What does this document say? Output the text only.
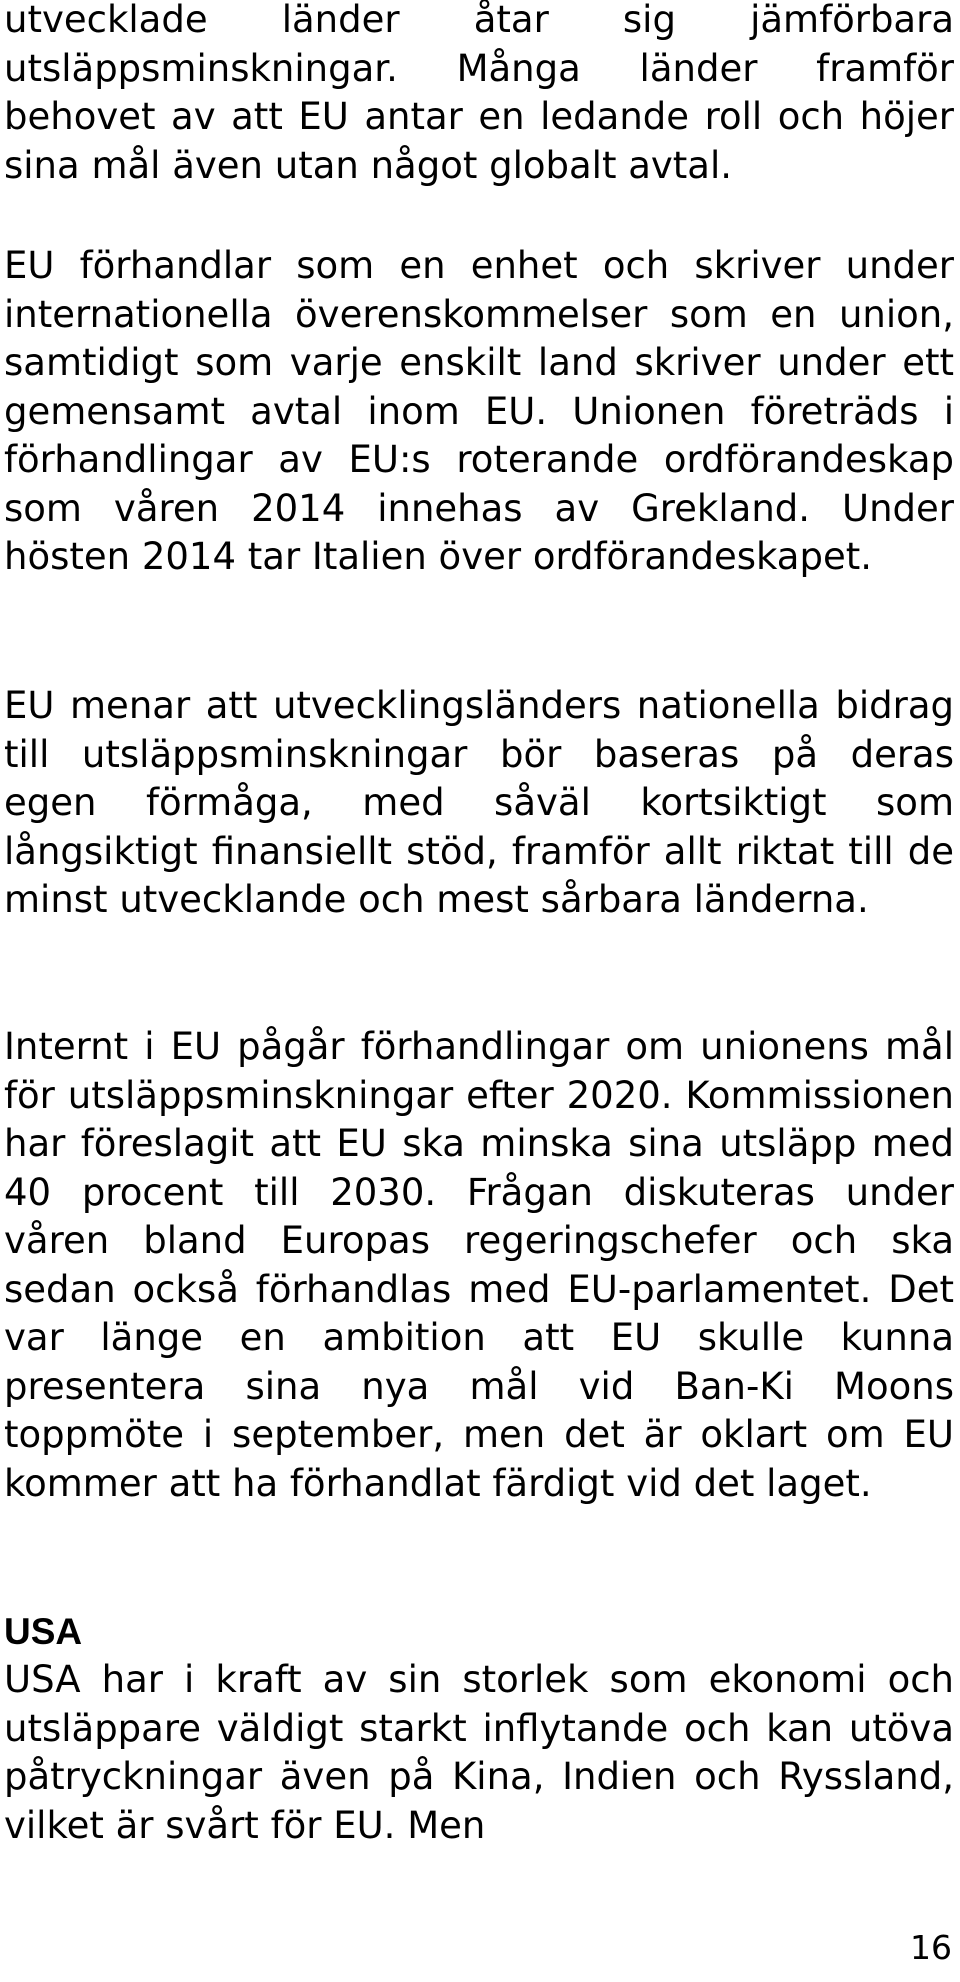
utvecklade länder åtar sig jämförbara utsläppsminskningar. Många länder framför behovet av att EU antar en ledande roll och höjer sina mål även utan något globalt avtal.

EU förhandlar som en enhet och skriver under internationella överenskommelser som en union, samtidigt som varje enskilt land skriver under ett gemensamt avtal inom EU. Unionen företräds i förhandlingar av EU:s roterande ordförandeskap som våren 2014 innehas av Grekland. Under hösten 2014 tar Italien över ordförandeskapet.

EU menar att utvecklingsländers nationella bidrag till utsläppsminskningar bör baseras på deras egen förmåga, med såväl kortsiktigt som långsiktigt finansiellt stöd, framför allt riktat till de minst utvecklande och mest sårbara länderna.

Internt i EU pågår förhandlingar om unionens mål för utsläppsminskningar efter 2020. Kommissionen har föreslagit att EU ska minska sina utsläpp med 40 procent till 2030. Frågan diskuteras under våren bland Europas regeringschefer och ska sedan också förhandlas med EU-parlamentet. Det var länge en ambition att EU skulle kunna presentera sina nya mål vid Ban-Ki Moons toppmöte i september, men det är oklart om EU kommer att ha förhandlat färdigt vid det laget.

USA

USA har i kraft av sin storlek som ekonomi och utsläppare väldigt starkt inflytande och kan utöva påtryckningar även på Kina, Indien och Ryssland, vilket är svårt för EU. Men

16
